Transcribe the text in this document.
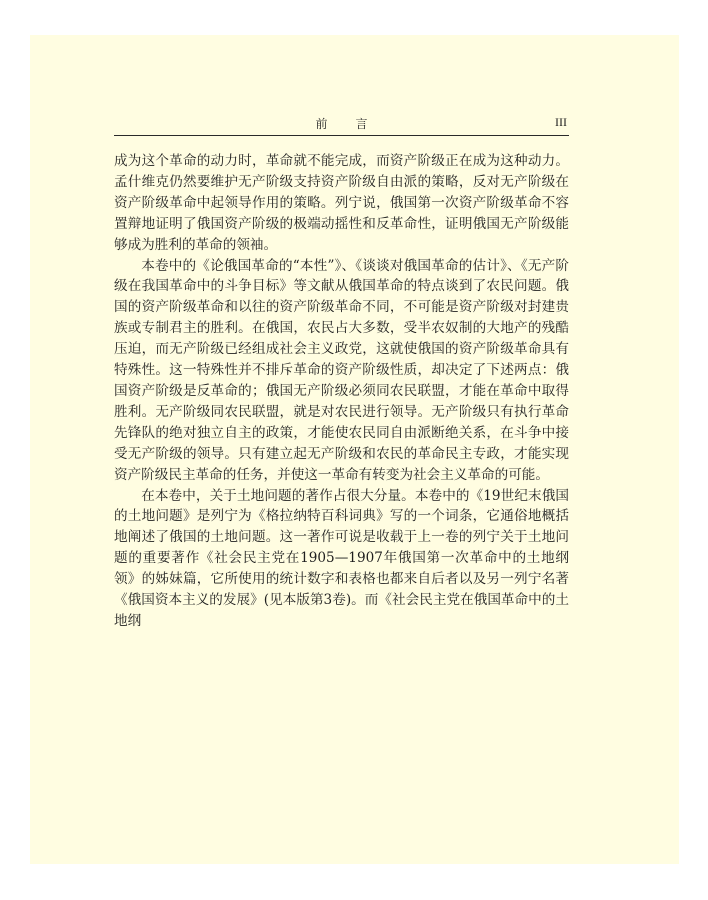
前言	III

成为这个革命的动力时，革命就不能完成，而资产阶级正在成为这种动力。孟什维克仍然要维护无产阶级支持资产阶级自由派的策略，反对无产阶级在资产阶级革命中起领导作用的策略。列宁说，俄国第一次资产阶级革命不容置辩地证明了俄国资产阶级的极端动摇性和反革命性，证明俄国无产阶级能够成为胜利的革命的领袖。

本卷中的《论俄国革命的“本性”》、《谈谈对俄国革命的估计》、《无产阶级在我国革命中的斗争目标》等文献从俄国革命的特点谈到了农民问题。俄国的资产阶级革命和以往的资产阶级革命不同，不可能是资产阶级对封建贵族或专制君主的胜利。在俄国，农民占大多数，受半农奴制的大地产的残酷压迫，而无产阶级已经组成社会主义政党，这就使俄国的资产阶级革命具有特殊性。这一特殊性并不排斥革命的资产阶级性质，却决定了下述两点：俄国资产阶级是反革命的；俄国无产阶级必须同农民联盟，才能在革命中取得胜利。无产阶级同农民联盟，就是对农民进行领导。无产阶级只有执行革命先锋队的绝对独立自主的政策，才能使农民同自由派断绝关系，在斗争中接受无产阶级的领导。只有建立起无产阶级和农民的革命民主专政，才能实现资产阶级民主革命的任务，并使这一革命有转变为社会主义革命的可能。

在本卷中，关于土地问题的著作占很大分量。本卷中的《19世纪末俄国的土地问题》是列宁为《格拉纳特百科词典》写的一个词条，它通俗地概括地阐述了俄国的土地问题。这一著作可说是收载于上一卷的列宁关于土地问题的重要著作《社会民主党在1905—1907年俄国第一次革命中的土地纲领》的姊妹篇，它所使用的统计数字和表格也都来自后者以及另一列宁名著《俄国资本主义的发展》(见本版第3卷)。而《社会民主党在俄国革命中的土地纲
